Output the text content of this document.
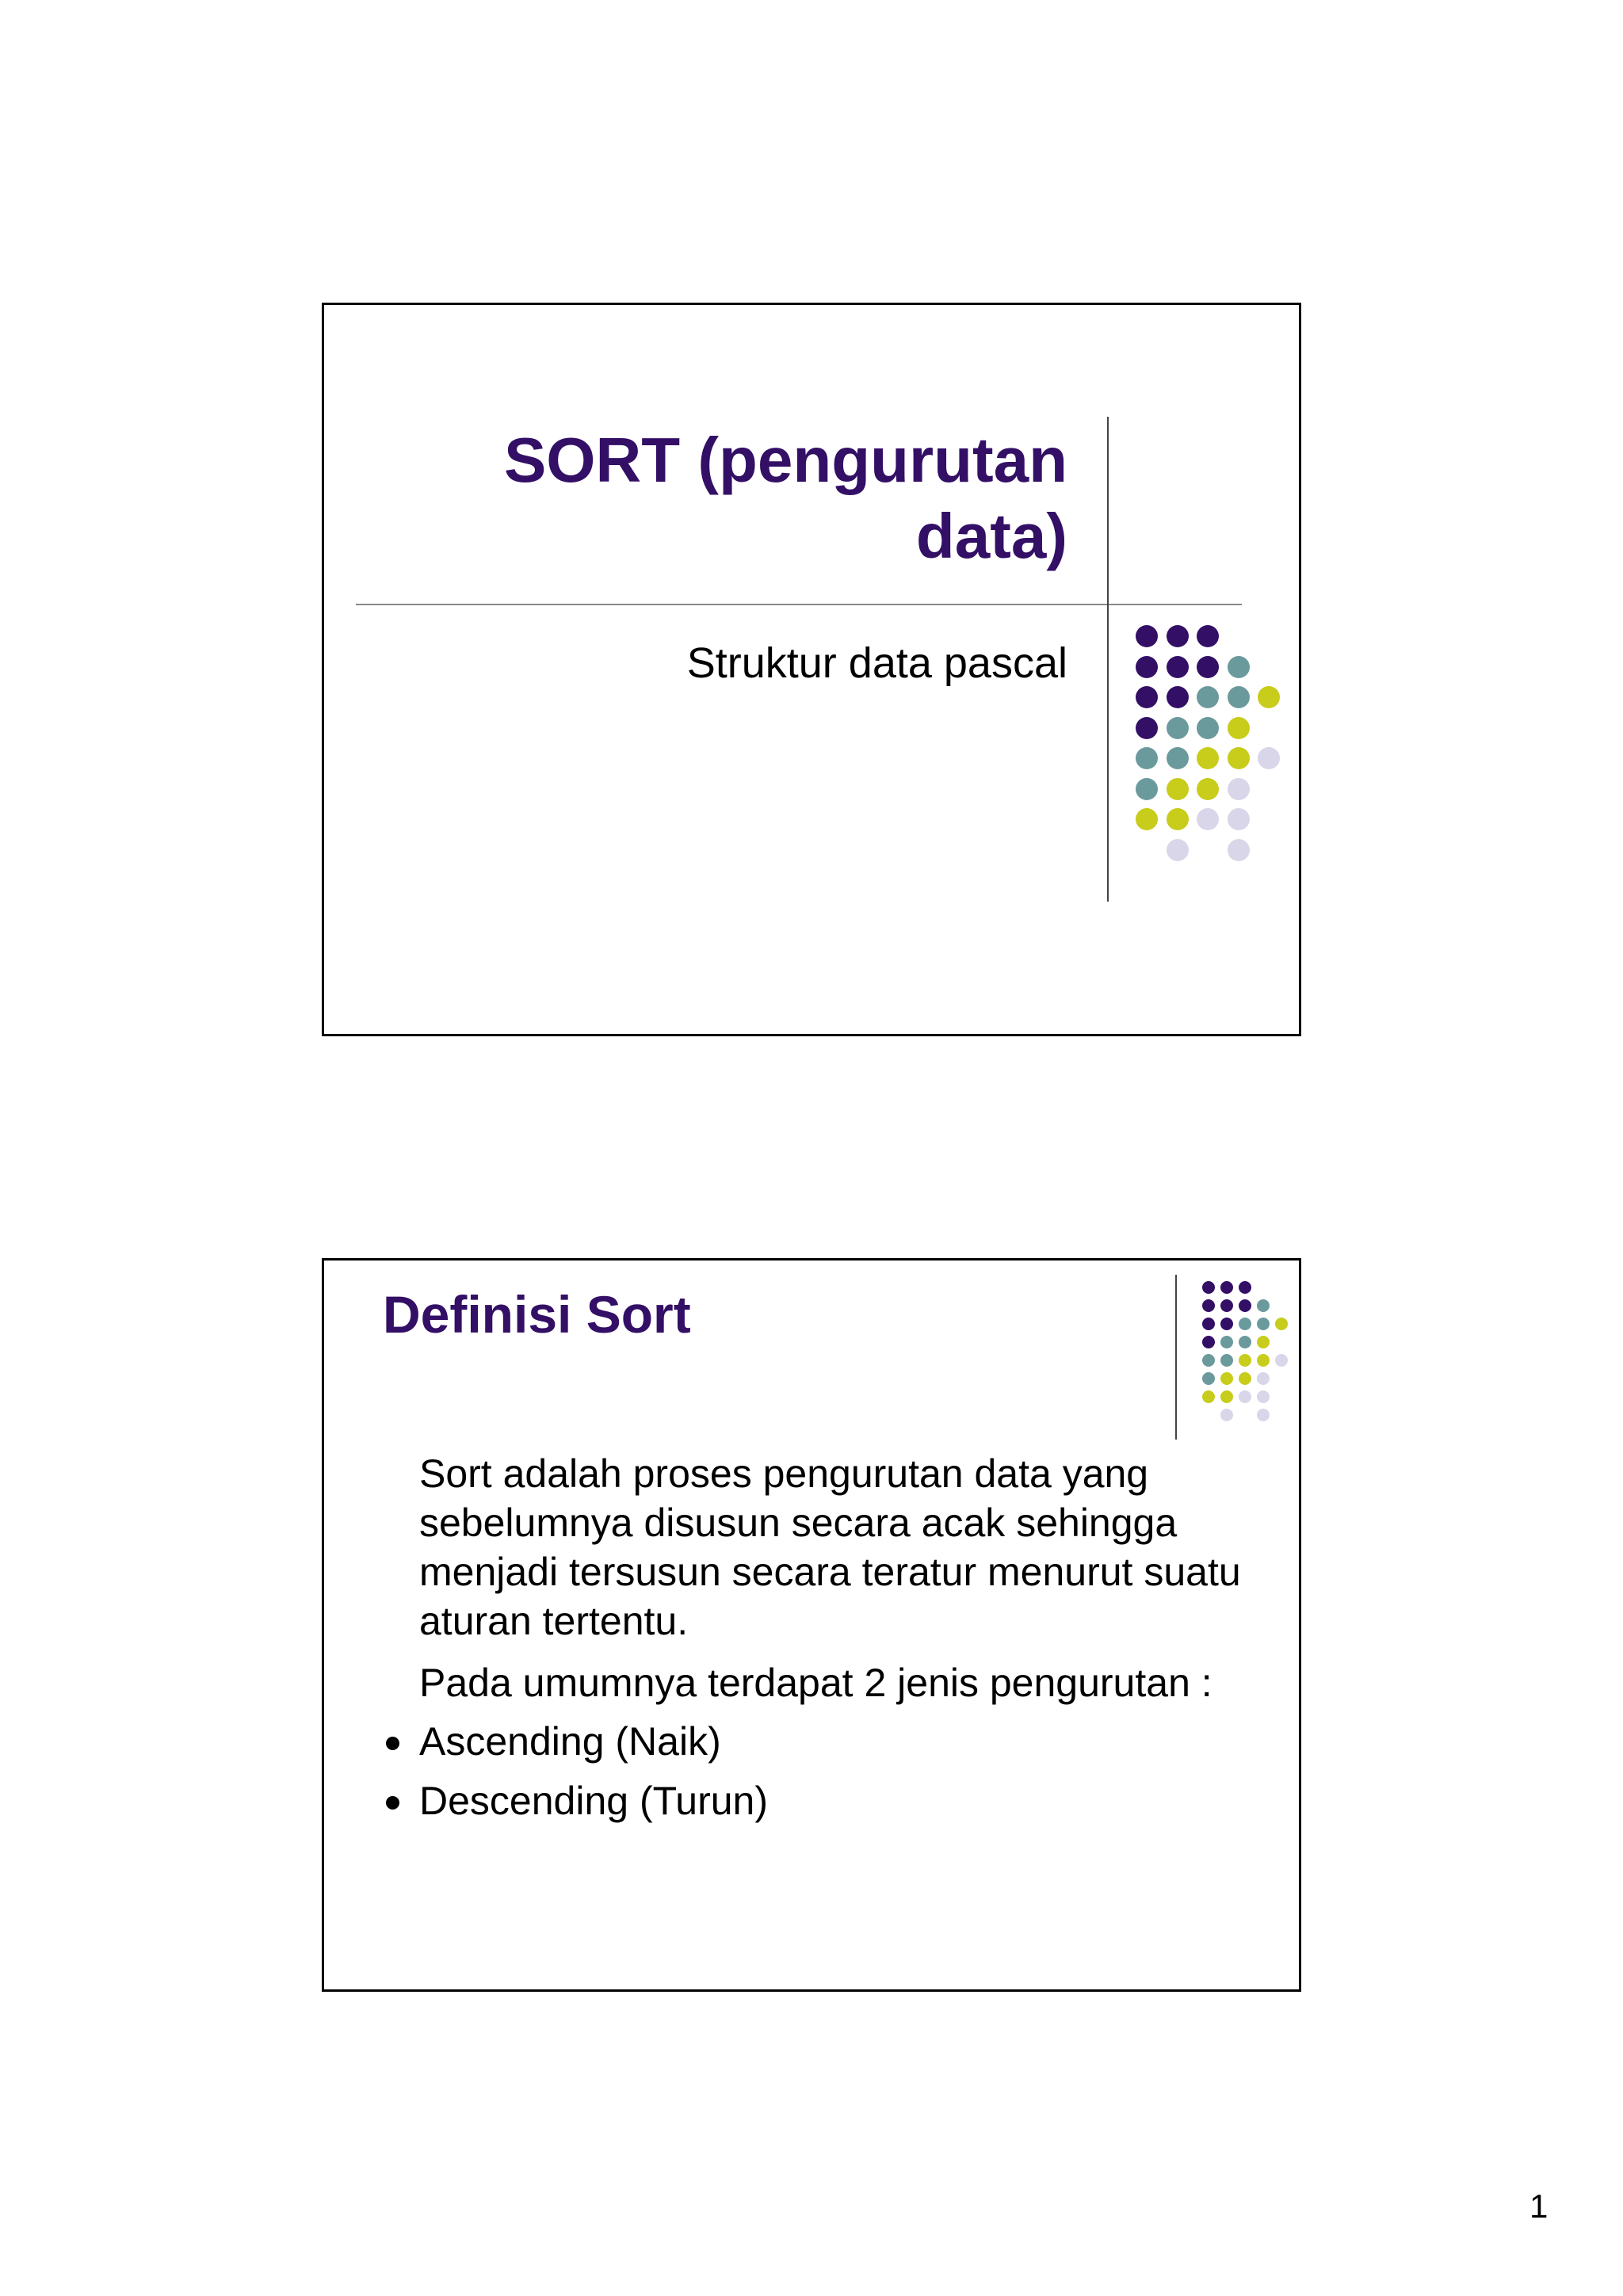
SORT (pengurutan data)
Struktur data pascal
Definisi Sort
Sort adalah proses pengurutan data yang sebelumnya disusun secara acak sehingga menjadi tersusun secara teratur menurut suatu aturan tertentu.
Pada umumnya terdapat 2 jenis pengurutan :
Ascending (Naik)
Descending (Turun)
1
